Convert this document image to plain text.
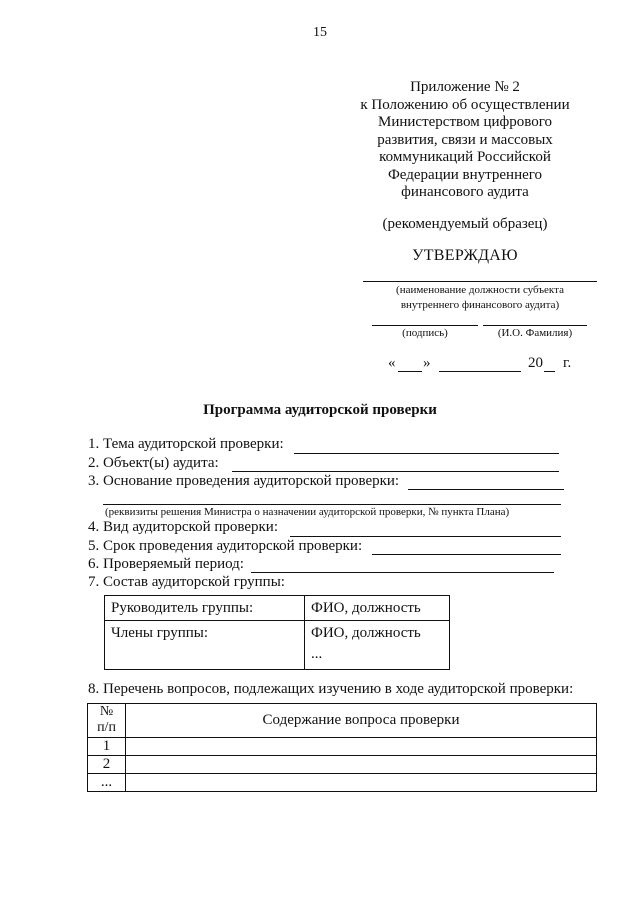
15
Приложение № 2
к Положению об осуществлении
Министерством цифрового
развития, связи и массовых
коммуникаций Российской
Федерации внутреннего
финансового аудита
(рекомендуемый образец)
УТВЕРЖДАЮ
(наименование должности субъекта
внутреннего финансового аудита)
(подпись)	(И.О. Фамилия)
« »	20 г.
Программа аудиторской проверки
1. Тема аудиторской проверки:
2. Объект(ы) аудита:
3. Основание проведения аудиторской проверки:
(реквизиты решения Министра о назначении аудиторской проверки, № пункта Плана)
4. Вид аудиторской проверки:
5. Срок проведения аудиторской проверки:
6. Проверяемый период:
7. Состав аудиторской группы:
Руководитель группы:	ФИО, должность
Члены группы:	ФИО, должность
...
8. Перечень вопросов, подлежащих изучению в ходе аудиторской проверки:
№
п/п	Содержание вопроса проверки
1	
2	
...	
